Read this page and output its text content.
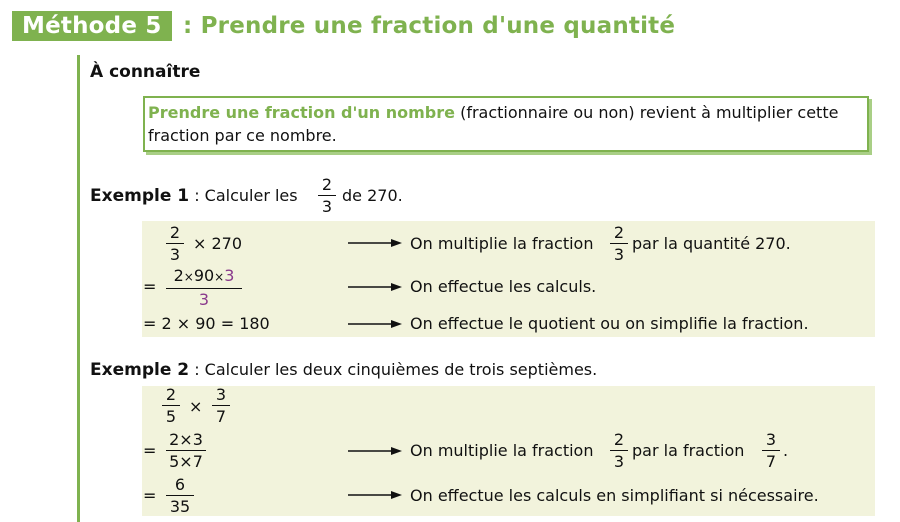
Méthode 5 : Prendre une fraction d'une quantité
À connaître
Prendre une fraction d'un nombre (fractionnaire ou non) revient à multiplier cette
fraction par ce nombre.
Exemple 1 : Calculer les
2
3
de 270.
2
3
× 270	On multiplie la fraction
2
3
par la quantité 270.
=
2×90×3
3
On effectue les calculs.
= 2 × 90 = 180	On effectue le quotient ou on simplifie la fraction.
Exemple 2 : Calculer les deux cinquièmes de trois septièmes.
2
5
×
3
7
=
2×3
5×7
On multiplie la fraction
2
3
par la fraction
3
7
.
=
6
35
On effectue les calculs en simplifiant si nécessaire.
